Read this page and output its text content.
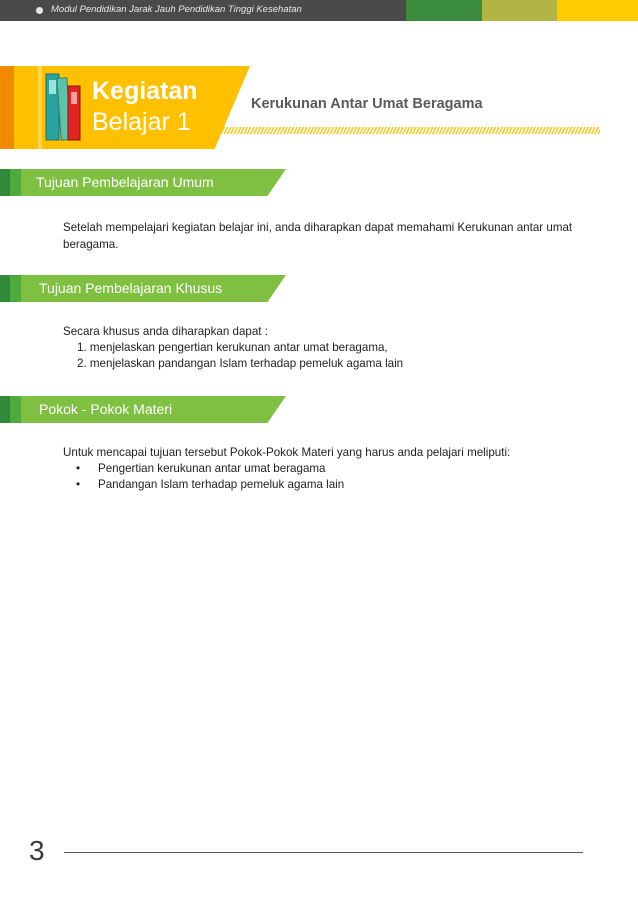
Modul Pendidikan Jarak Jauh Pendidikan Tinggi Kesehatan
Kegiatan
Belajar 1
Kerukunan Antar Umat Beragama
Tujuan Pembelajaran Umum
Setelah mempelajari kegiatan belajar ini, anda diharapkan dapat memahami Kerukunan antar umat beragama.
Tujuan Pembelajaran Khusus
Secara khusus anda diharapkan dapat :
1. menjelaskan pengertian kerukunan antar umat beragama,
2. menjelaskan pandangan Islam terhadap pemeluk agama lain
Pokok - Pokok Materi
Untuk mencapai tujuan tersebut Pokok-Pokok Materi yang harus anda pelajari meliputi:
• Pengertian kerukunan antar umat beragama
• Pandangan Islam terhadap pemeluk agama lain
3
